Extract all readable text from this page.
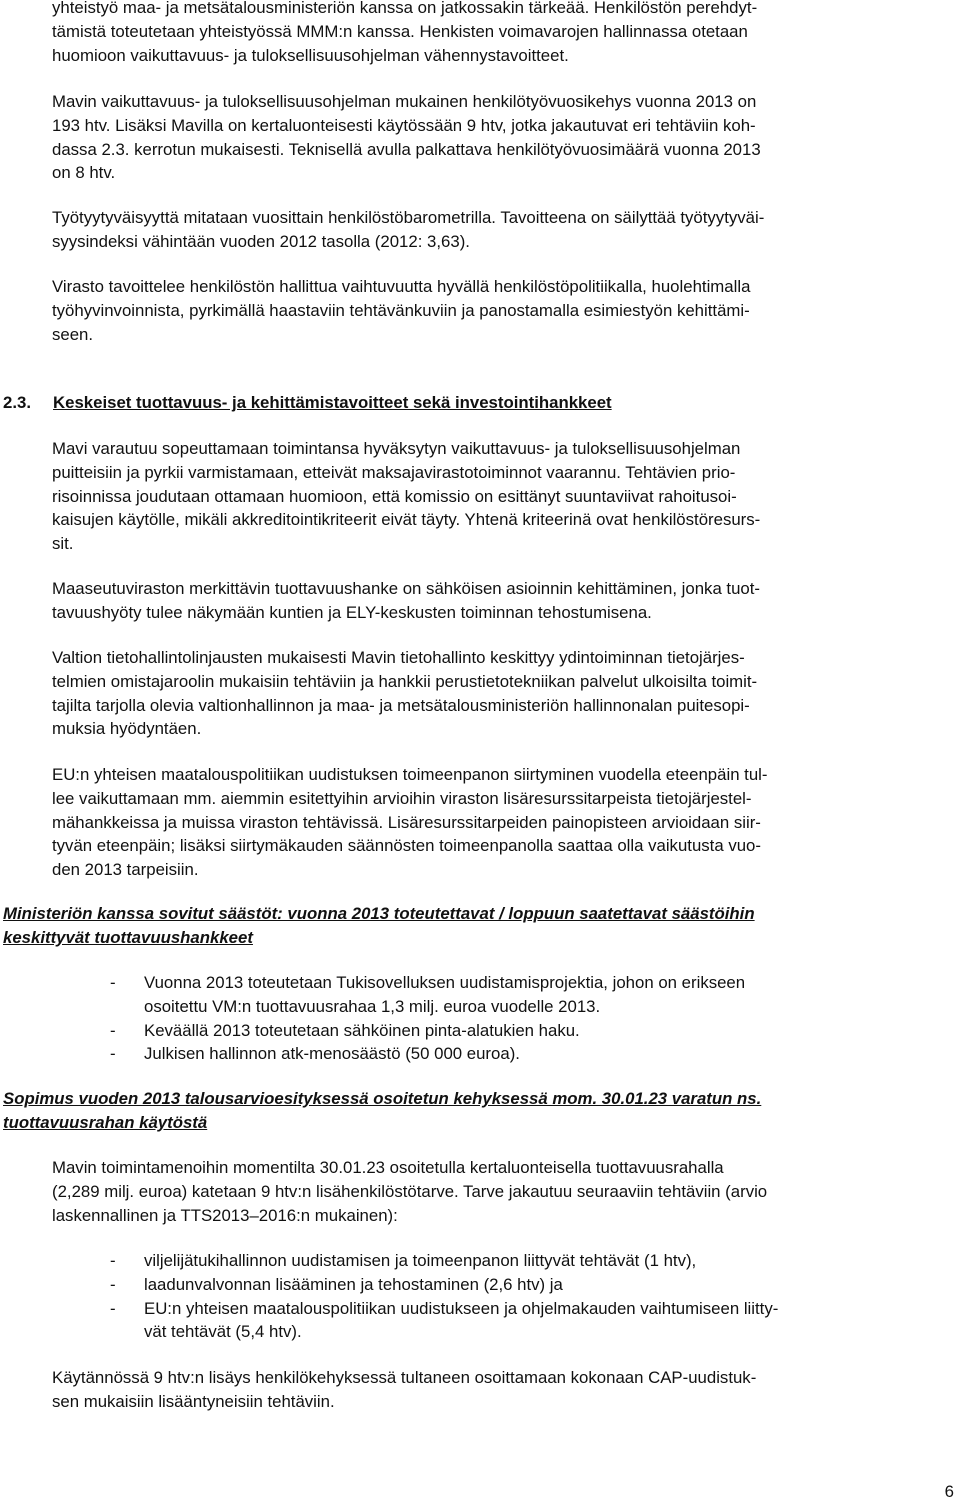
yhteistyö maa- ja metsätalousministeriön kanssa on jatkossakin tärkeää. Henkilöstön perehdyt-
tämistä toteutetaan yhteistyössä MMM:n kanssa. Henkisten voimavarojen hallinnassa otetaan
huomioon vaikuttavuus- ja tuloksellisuusohjelman vähennystavoitteet.
Mavin vaikuttavuus- ja tuloksellisuusohjelman mukainen henkilötyövuosikehys vuonna 2013 on
193 htv. Lisäksi Mavilla on kertaluonteisesti käytössään 9 htv, jotka jakautuvat eri tehtäviin koh-
dassa 2.3. kerrotun mukaisesti. Teknisellä avulla palkattava henkilötyövuosimäärä vuonna 2013
on 8 htv.
Työtyytyväisyyttä mitataan vuosittain henkilöstöbarometrilla. Tavoitteena on säilyttää työtyytyväi-
syysindeksi vähintään vuoden 2012 tasolla (2012: 3,63).
Virasto tavoittelee henkilöstön hallittua vaihtuvuutta hyvällä henkilöstöpolitiikalla, huolehtimalla
työhyvinvoinnista, pyrkimällä haastaviin tehtävänkuviin ja panostamalla esimiestyön kehittämi-
seen.
2.3. Keskeiset tuottavuus- ja kehittämistavoitteet sekä investointihankkeet
Mavi varautuu sopeuttamaan toimintansa hyväksytyn vaikuttavuus- ja tuloksellisuusohjelman
puitteisiin ja pyrkii varmistamaan, etteivät maksajavirastotoiminnot vaarannu. Tehtävien prio-
risoinnissa joudutaan ottamaan huomioon, että komissio on esittänyt suuntaviivat rahoitusoi-
kaisujen käytölle, mikäli akkreditointikriteerit eivät täyty. Yhtenä kriteerinä ovat henkilöstöresurs-
sit.
Maaseutuviraston merkittävin tuottavuushanke on sähköisen asioinnin kehittäminen, jonka tuot-
tavuushyöty tulee näkymään kuntien ja ELY-keskusten toiminnan tehostumisena.
Valtion tietohallintolinjausten mukaisesti Mavin tietohallinto keskittyy ydintoiminnan tietojärjes-
telmien omistajaroolin mukaisiin tehtäviin ja hankkii perustietotekniikan palvelut ulkoisilta toimit-
tajilta tarjolla olevia valtionhallinnon ja maa- ja metsätalousministeriön hallinnonalan puitesopi-
muksia hyödyntäen.
EU:n yhteisen maatalouspolitiikan uudistuksen toimeenpanon siirtyminen vuodella eteenpäin tul-
lee vaikuttamaan mm. aiemmin esitettyihin arvioihin viraston lisäresurssitarpeista tietojärjestel-
mähankkeissa ja muissa viraston tehtävissä. Lisäresurssitarpeiden painopisteen arvioidaan siir-
tyvän eteenpäin; lisäksi siirtymäkauden säännösten toimeenpanolla saattaa olla vaikutusta vuo-
den 2013 tarpeisiin.
Ministeriön kanssa sovitut säästöt: vuonna 2013 toteutettavat / loppuun saatettavat säästöihin
keskittyvät tuottavuushankkeet
- Vuonna 2013 toteutetaan Tukisovelluksen uudistamisprojektia, johon on erikseen
osoitettu VM:n tuottavuusrahaa 1,3 milj. euroa vuodelle 2013.
- Keväällä 2013 toteutetaan sähköinen pinta-alatukien haku.
- Julkisen hallinnon atk-menosäästö (50 000 euroa).
Sopimus vuoden 2013 talousarvioesityksessä osoitetun kehyksessä mom. 30.01.23 varatun ns.
tuottavuusrahan käytöstä
Mavin toimintamenoihin momentilta 30.01.23 osoitetulla kertaluonteisella tuottavuusrahalla
(2,289 milj. euroa) katetaan 9 htv:n lisähenkilöstötarve. Tarve jakautuu seuraaviin tehtäviin (arvio
laskennallinen ja TTS2013–2016:n mukainen):
- viljelijätukihallinnon uudistamisen ja toimeenpanon liittyvät tehtävät (1 htv),
- laadunvalvonnan lisääminen ja tehostaminen (2,6 htv) ja
- EU:n yhteisen maatalouspolitiikan uudistukseen ja ohjelmakauden vaihtumiseen liitty-
vät tehtävät (5,4 htv).
Käytännössä 9 htv:n lisäys henkilökehyksessä tultaneen osoittamaan kokonaan CAP-uudistuk-
sen mukaisiin lisääntyneisiin tehtäviin.
6
